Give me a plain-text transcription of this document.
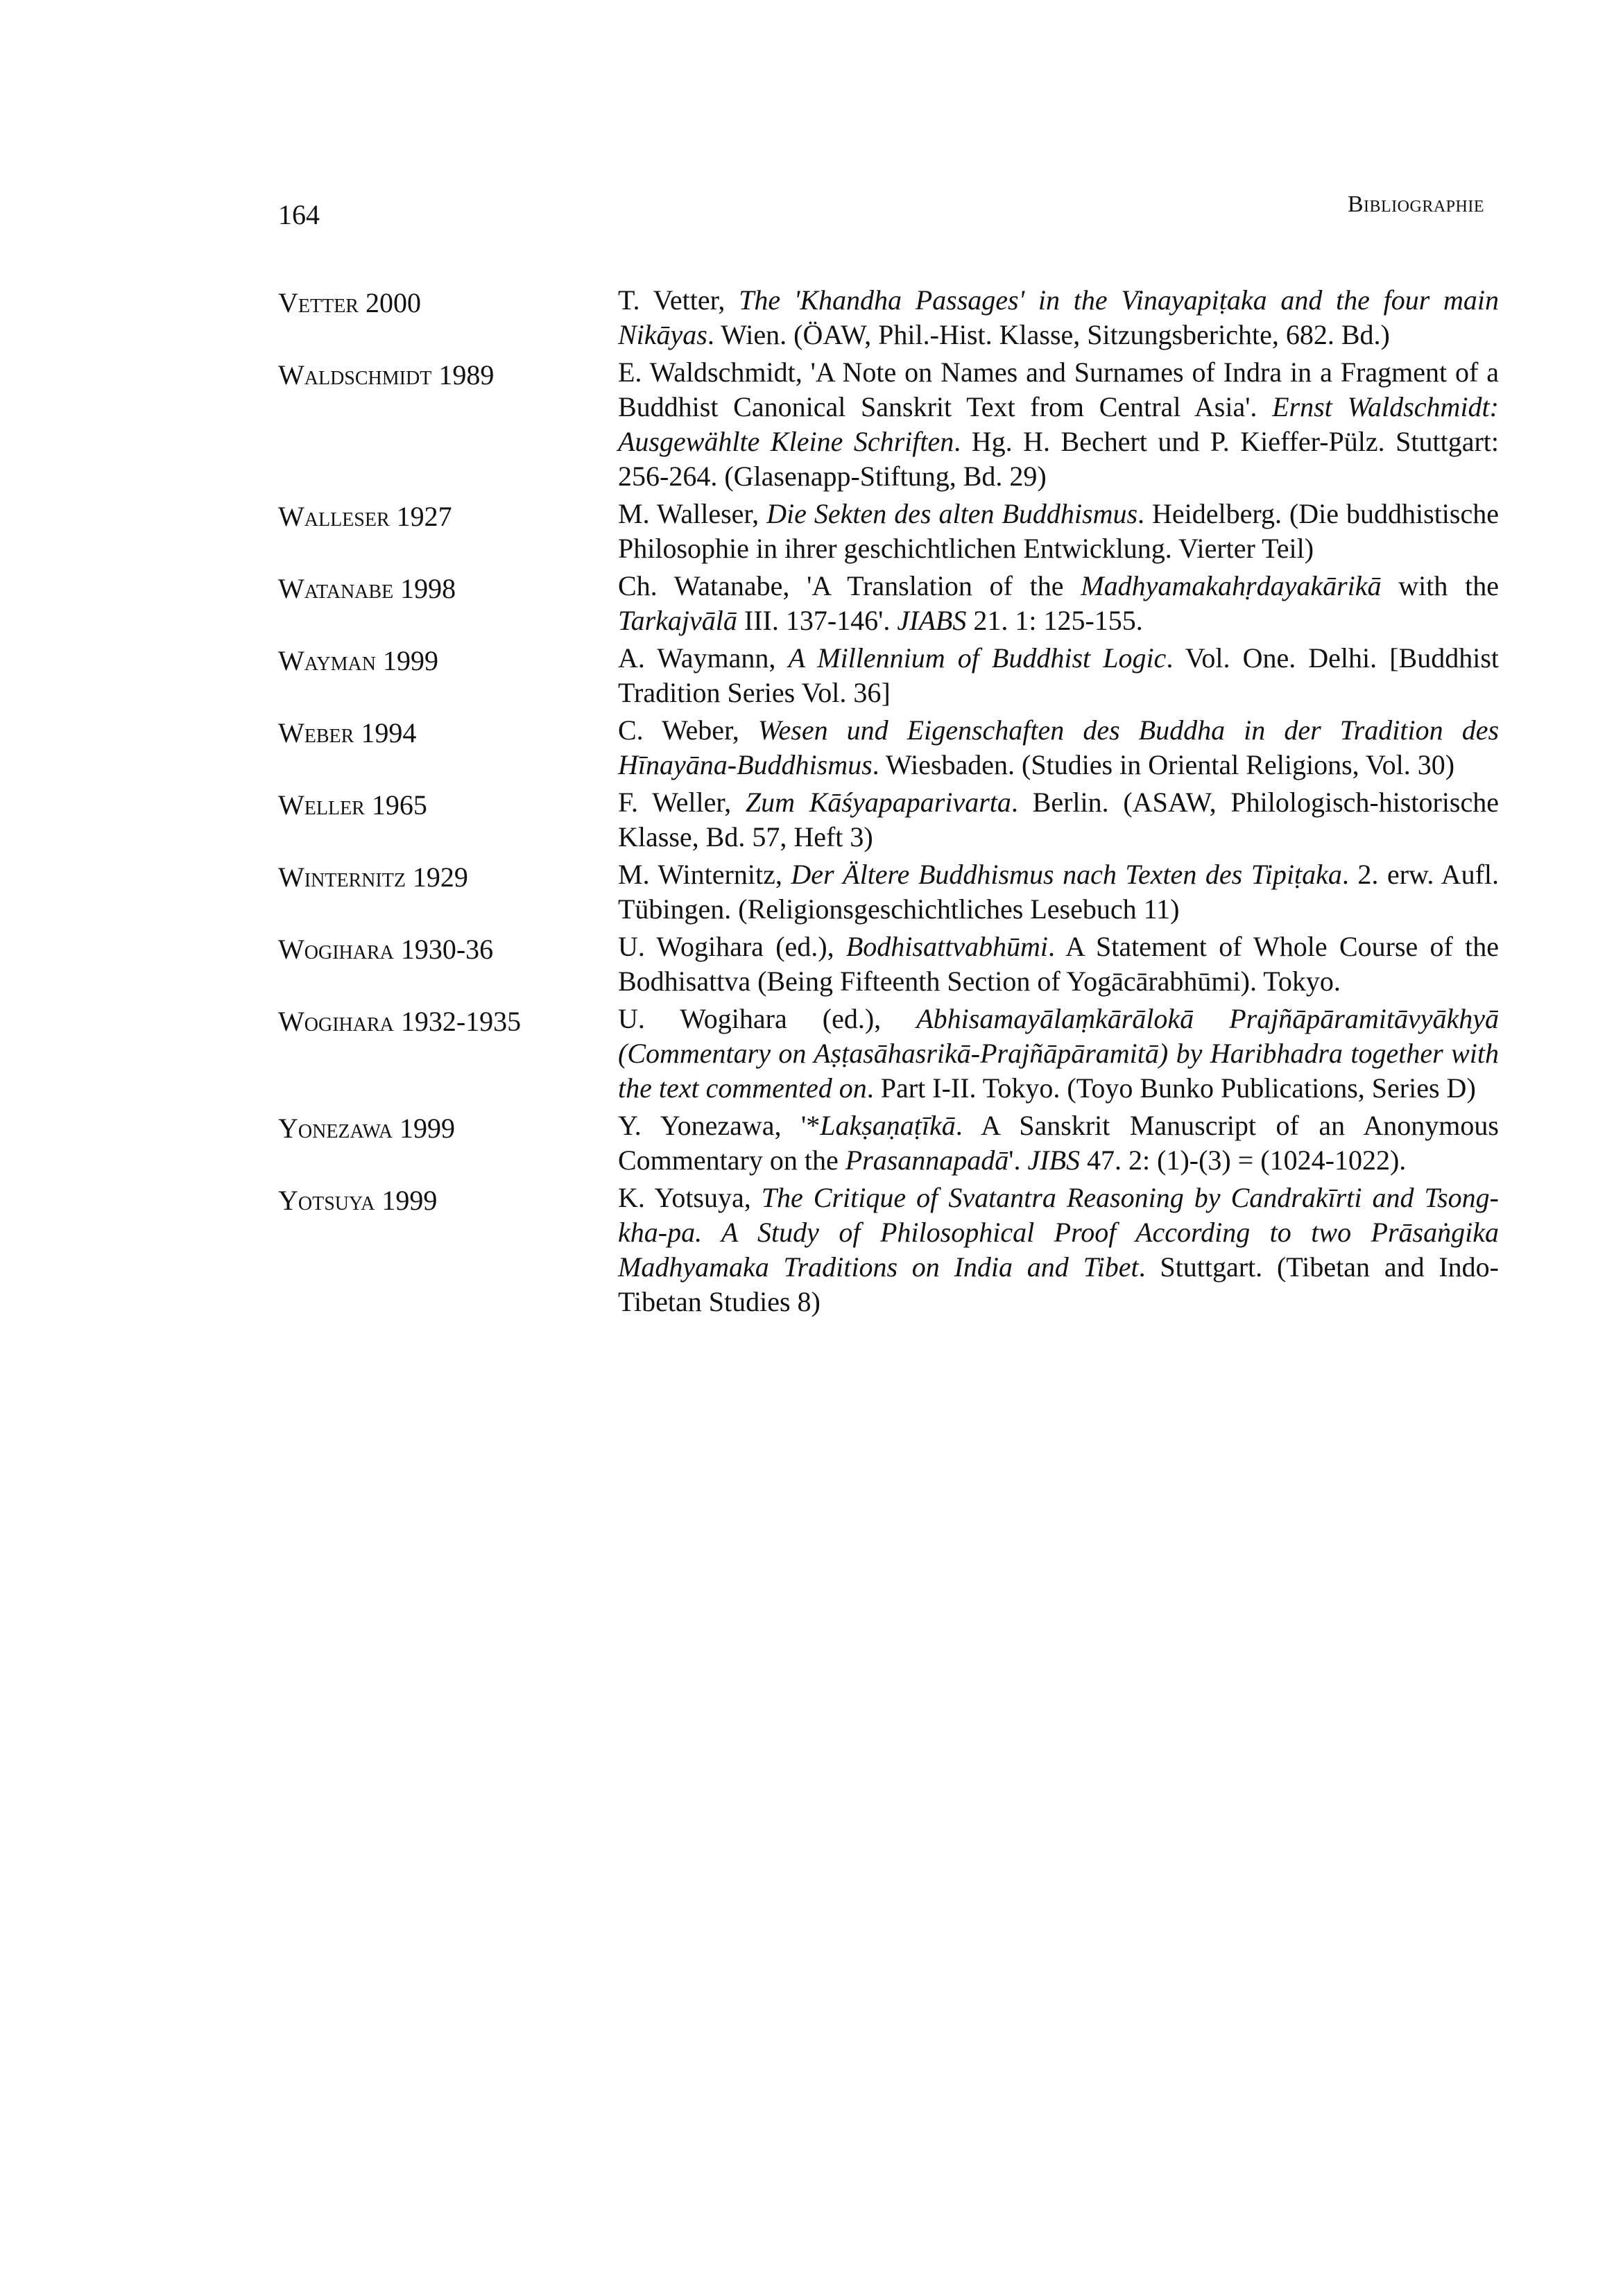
164	Bibliographie
Vetter 2000	T. Vetter, The 'Khandha Passages' in the Vinayapiṭaka and the four main Nikāyas. Wien. (ÖAW, Phil.-Hist. Klasse, Sitzungsberichte, 682. Bd.)
Waldschmidt 1989	E. Waldschmidt, 'A Note on Names and Surnames of Indra in a Fragment of a Buddhist Canonical Sanskrit Text from Central Asia'. Ernst Waldschmidt: Ausgewählte Kleine Schriften. Hg. H. Bechert und P. Kieffer-Pülz. Stuttgart: 256-264. (Glasenapp-Stiftung, Bd. 29)
Walleser 1927	M. Walleser, Die Sekten des alten Buddhismus. Heidelberg. (Die buddhistische Philosophie in ihrer geschichtlichen Entwicklung. Vierter Teil)
Watanabe 1998	Ch. Watanabe, 'A Translation of the Madhyamakahṛdayakārikā with the Tarkajvālā III. 137-146'. JIABS 21. 1: 125-155.
Wayman 1999	A. Waymann, A Millennium of Buddhist Logic. Vol. One. Delhi. [Buddhist Tradition Series Vol. 36]
Weber 1994	C. Weber, Wesen und Eigenschaften des Buddha in der Tradition des Hīnayāna-Buddhismus. Wiesbaden. (Studies in Oriental Religions, Vol. 30)
Weller 1965	F. Weller, Zum Kāśyapaparivarta. Berlin. (ASAW, Philologisch-historische Klasse, Bd. 57, Heft 3)
Winternitz 1929	M. Winternitz, Der Ältere Buddhismus nach Texten des Tipiṭaka. 2. erw. Aufl. Tübingen. (Religionsgeschichtliches Lesebuch 11)
Wogihara 1930-36	U. Wogihara (ed.), Bodhisattvabhūmi. A Statement of Whole Course of the Bodhisattva (Being Fifteenth Section of Yogācārabhūmi). Tokyo.
Wogihara 1932-1935	U. Wogihara (ed.), Abhisamayālaṃkārālokā Prajñāpāramitāvyākhyā (Commentary on Aṣṭasāhasrikā-Prajñāpāramitā) by Haribhadra together with the text commented on. Part I-II. Tokyo. (Toyo Bunko Publications, Series D)
Yonezawa 1999	Y. Yonezawa, '*Lakṣaṇaṭīkā. A Sanskrit Manuscript of an Anonymous Commentary on the Prasannapadā'. JIBS 47. 2: (1)-(3) = (1024-1022).
Yotsuya 1999	K. Yotsuya, The Critique of Svatantra Reasoning by Candrakīrti and Tsong-kha-pa. A Study of Philosophical Proof According to two Prāsaṅgika Madhyamaka Traditions on India and Tibet. Stuttgart. (Tibetan and Indo-Tibetan Studies 8)
